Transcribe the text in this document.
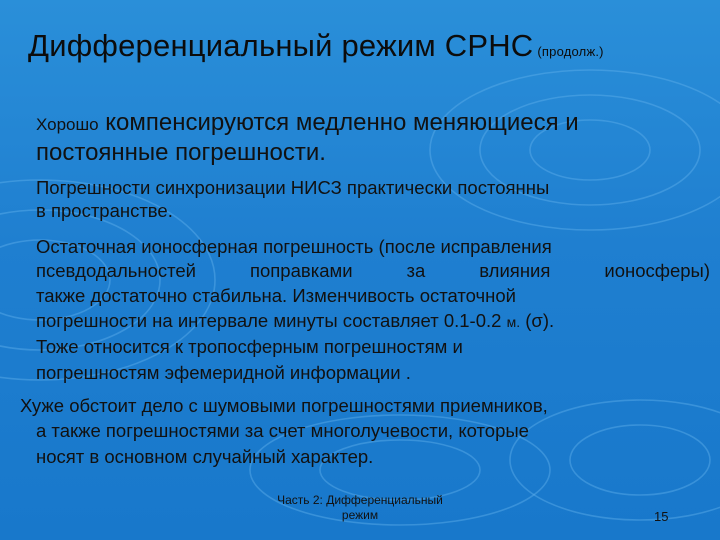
Дифференциальный режим СРНС (продолж.)
Хорошо компенсируются медленно меняющиеся и
постоянные погрешности.
Погрешности синхронизации НИСЗ практически постоянны
в пространстве.
Остаточная ионосферная погрешность (после исправления
псевдодальностей поправками за влияния ионосферы)
также достаточно стабильна. Изменчивость остаточной
погрешности на интервале минуты составляет 0.1-0.2 м. (σ).
Тоже относится к тропосферным погрешностям и
погрешностям эфемеридной информации .
Хуже обстоит дело с шумовыми погрешностями приемников,
а также погрешностями за счет многолучевости, которые
носят в основном случайный характер.
Часть 2: Дифференциальный
режим	15
